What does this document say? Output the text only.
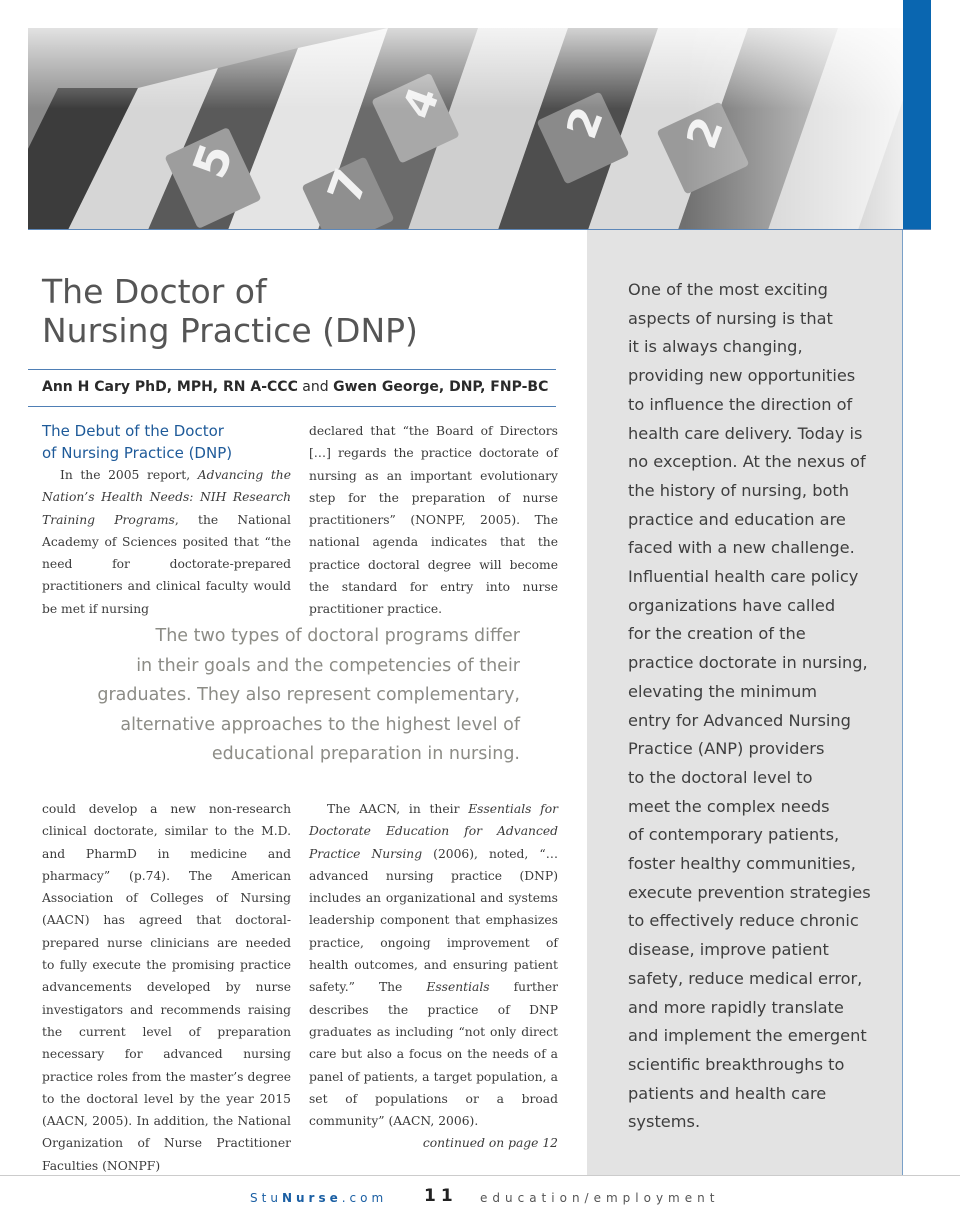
One of the most exciting
aspects of nursing is that
it is always changing,
providing new opportunities
to influence the direction of
health care delivery. Today is
no exception. At the nexus of
the history of nursing, both
practice and education are
faced with a new challenge.
Influential health care policy
organizations have called
for the creation of the
practice doctorate in nursing,
elevating the minimum
entry for Advanced Nursing
Practice (ANP) providers
to the doctoral level to
meet the complex needs
of contemporary patients,
foster healthy communities,
execute prevention strategies
to effectively reduce chronic
disease, improve patient
safety, reduce medical error,
and more rapidly translate
and implement the emergent
scientific breakthroughs to
patients and health care
systems.
The Doctor of
Nursing Practice (DNP)
Ann H Cary PhD, MPH, RN A-CCC and Gwen George, DNP, FNP-BC
The Debut of the Doctor
of Nursing Practice (DNP)

In the 2005 report, Advancing the Nation’s Health Needs: NIH Research Training Programs, the National Academy of Sciences posited that “the need for doctorate-prepared practitioners and clinical faculty would be met if nursing

declared that “the Board of Directors […] regards the practice doctorate of nursing as an important evolutionary step for the preparation of nurse practitioners” (NONPF, 2005). The national agenda indicates that the practice doctoral degree will become the standard for entry into nurse practitioner practice.

The two types of doctoral programs differ
in their goals and the competencies of their
graduates. They also represent complementary,
alternative approaches to the highest level of
educational preparation in nursing.

could develop a new non-research clinical doctorate, similar to the M.D. and PharmD in medicine and pharmacy” (p.74). The American Association of Colleges of Nursing (AACN) has agreed that doctoral-prepared nurse clinicians are needed to fully execute the promising practice advancements developed by nurse investigators and recommends raising the current level of preparation necessary for advanced nursing practice roles from the master’s degree to the doctoral level by the year 2015 (AACN, 2005). In addition, the National Organization of Nurse Practitioner Faculties (NONPF)

The AACN, in their Essentials for Doctorate Education for Advanced Practice Nursing (2006), noted, “… advanced nursing practice (DNP) includes an organizational and systems leadership component that emphasizes practice, ongoing improvement of health outcomes, and ensuring patient safety.” The Essentials further describes the practice of DNP graduates as including “not only direct care but also a focus on the needs of a panel of patients, a target population, a set of populations or a broad community” (AACN, 2006).

continued on page 12
StuNurse.com 11 education/employment
